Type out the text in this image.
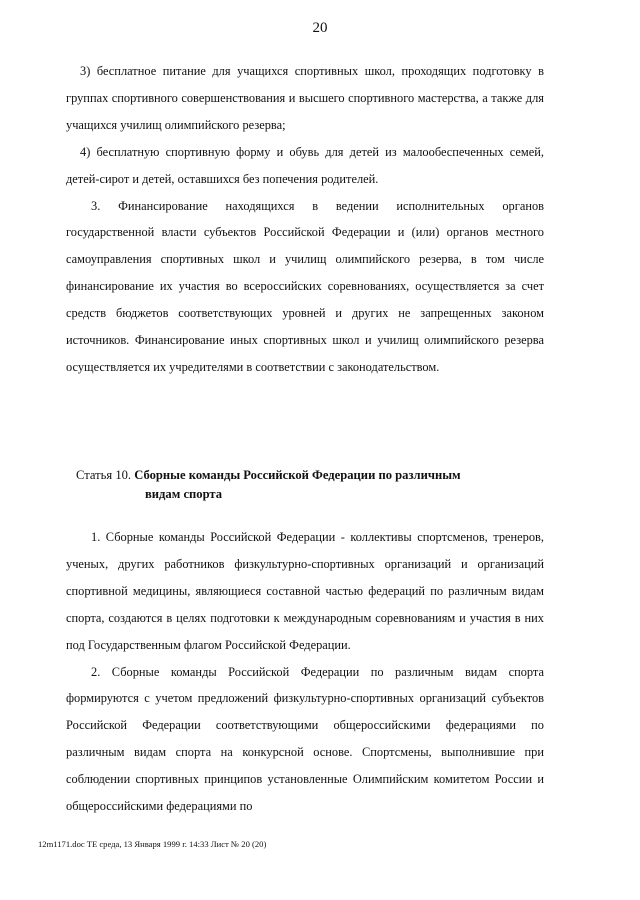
20

3) бесплатное питание для учащихся спортивных школ, проходящих подготовку в группах спортивного совершенствования и высшего спортивного мастерства, а также для учащихся училищ олимпийского резерва;

4) бесплатную спортивную форму и обувь для детей из малообеспеченных семей, детей-сирот и детей, оставшихся без попечения родителей.

3. Финансирование находящихся в ведении исполнительных органов государственной власти субъектов Российской Федерации и (или) органов местного самоуправления спортивных школ и училищ олимпийского резерва, в том числе финансирование их участия во всероссийских соревнованиях, осуществляется за счет средств бюджетов соответствующих уровней и других не запрещенных законом источников. Финансирование иных спортивных школ и училищ олимпийского резерва осуществляется их учредителями в соответствии с законодательством.

Статья 10. Сборные команды Российской Федерации по различным
видам спорта

1. Сборные команды Российской Федерации - коллективы спортсменов, тренеров, ученых, других работников физкультурно-спортивных организаций и организаций спортивной медицины, являющиеся составной частью федераций по различным видам спорта, создаются в целях подготовки к международным соревнованиям и участия в них под Государственным флагом Российской Федерации.

2. Сборные команды Российской Федерации по различным видам спорта формируются с учетом предложений физкультурно-спортивных организаций субъектов Российской Федерации соответствующими общероссийскими федерациями по различным видам спорта на конкурсной основе. Спортсмены, выполнившие при соблюдении спортивных принципов установленные Олимпийским комитетом России и общероссийскими федерациями по

12m1171.doc TE среда, 13 Января 1999 г. 14:33 Лист № 20 (20)
